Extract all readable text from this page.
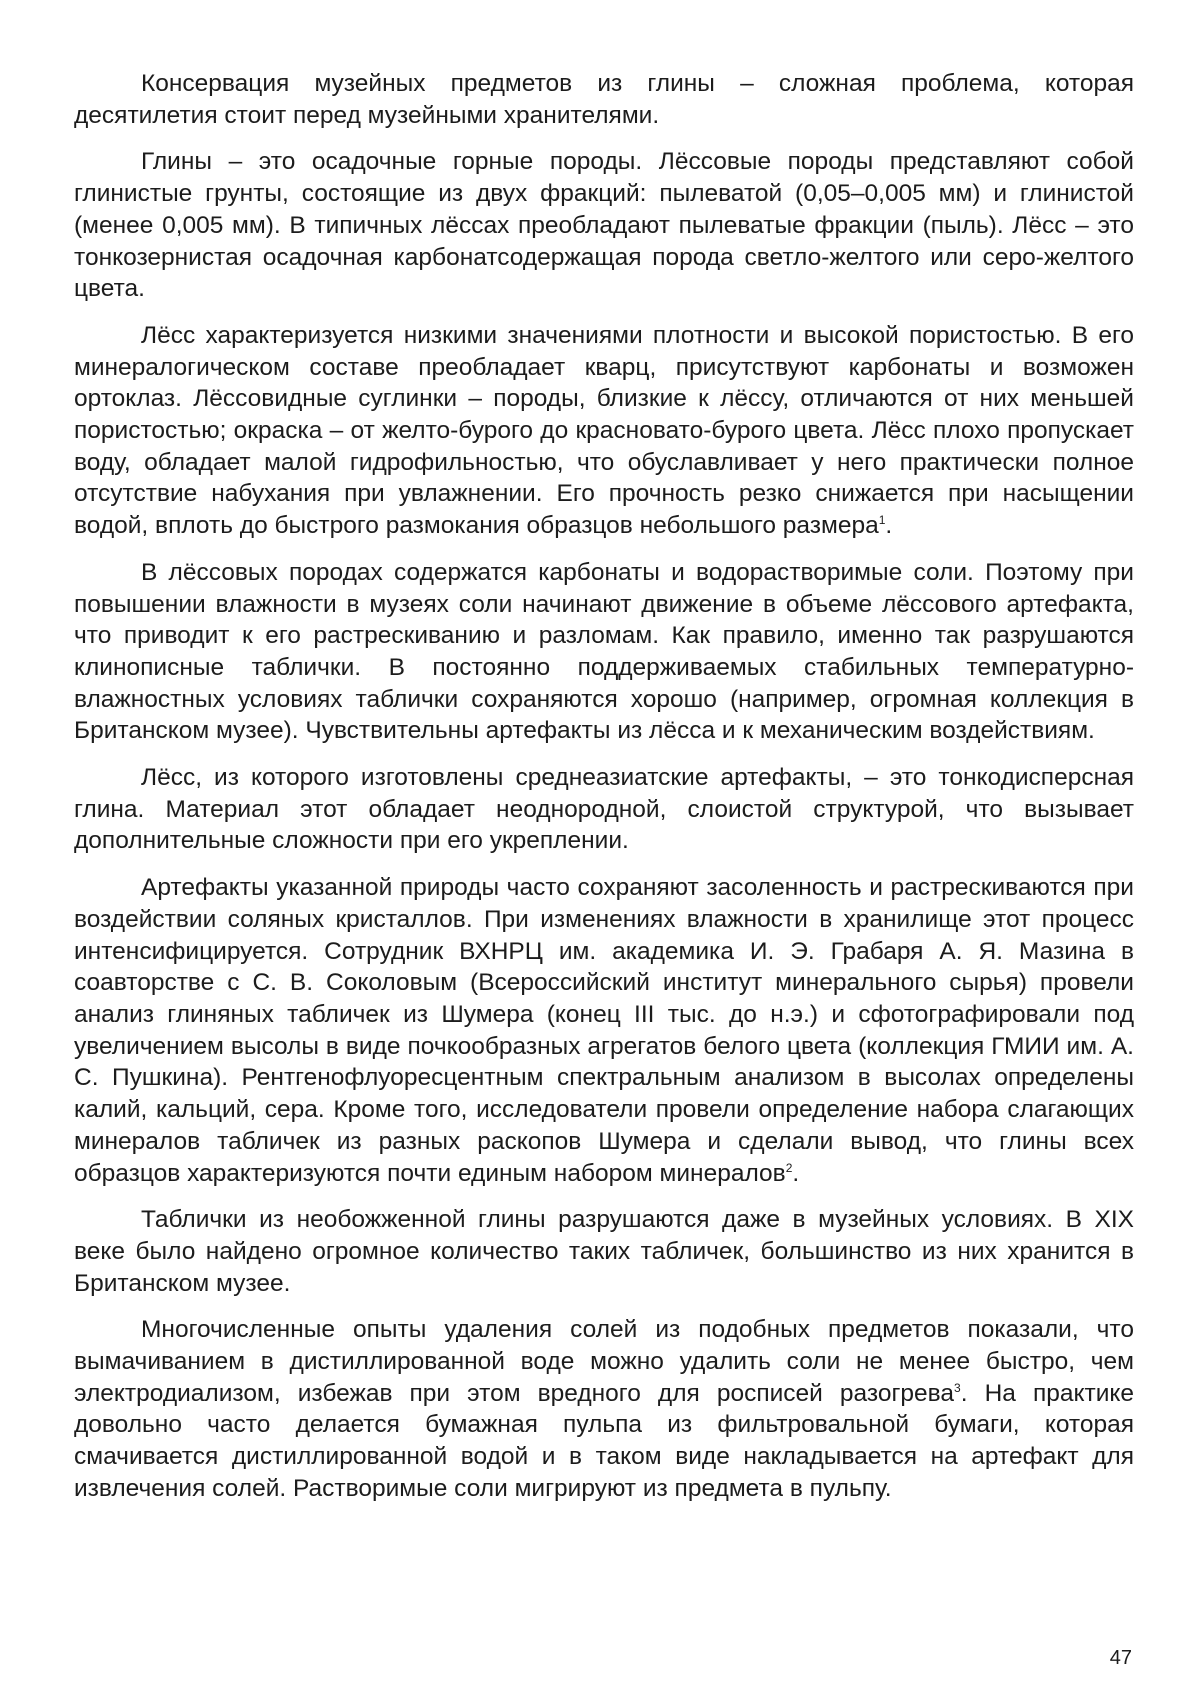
Консервация музейных предметов из глины – сложная проблема, которая десятилетия стоит перед музейными хранителями.

Глины – это осадочные горные породы. Лёссовые породы представляют собой глинистые грунты, состоящие из двух фракций: пылеватой (0,05–0,005 мм) и глинистой (менее 0,005 мм). В типичных лёссах преобладают пылеватые фракции (пыль). Лёсс – это тонкозернистая осадочная карбонатсодержащая порода светло-желтого или серо-желтого цвета.

Лёсс характеризуется низкими значениями плотности и высокой пористостью. В его минералогическом составе преобладает кварц, присутствуют карбонаты и возможен ортоклаз. Лёссовидные суглинки – породы, близкие к лёссу, отличаются от них меньшей пористостью; окраска – от желто-бурого до красновато-бурого цвета. Лёсс плохо пропускает воду, обладает малой гидрофильностью, что обуславливает у него практически полное отсутствие набухания при увлажнении. Его прочность резко снижается при насыщении водой, вплоть до быстрого размокания образцов небольшого размера$^1$.

В лёссовых породах содержатся карбонаты и водорастворимые соли. Поэтому при повышении влажности в музеях соли начинают движение в объеме лёссового артефакта, что приводит к его растрескиванию и разломам. Как правило, именно так разрушаются клинописные таблички. В постоянно поддерживаемых стабильных температурно-влажностных условиях таблички сохраняются хорошо (например, огромная коллекция в Британском музее). Чувствительны артефакты из лёсса и к механическим воздействиям.

Лёсс, из которого изготовлены среднеазиатские артефакты, – это тонкодисперсная глина. Материал этот обладает неоднородной, слоистой структурой, что вызывает дополнительные сложности при его укреплении.

Артефакты указанной природы часто сохраняют засоленность и растрескиваются при воздействии соляных кристаллов. При изменениях влажности в хранилище этот процесс интенсифицируется. Сотрудник ВХНРЦ им. академика И. Э. Грабаря А. Я. Мазина в соавторстве с С. В. Соколовым (Всероссийский институт минерального сырья) провели анализ глиняных табличек из Шумера (конец III тыс. до н.э.) и сфотографировали под увеличением высолы в виде почкообразных агрегатов белого цвета (коллекция ГМИИ им. А. С. Пушкина). Рентгенофлуоресцентным спектральным анализом в высолах определены калий, кальций, сера. Кроме того, исследователи провели определение набора слагающих минералов табличек из разных раскопов Шумера и сделали вывод, что глины всех образцов характеризуются почти единым набором минералов$^2$.

Таблички из необожженной глины разрушаются даже в музейных условиях. В XIX веке было найдено огромное количество таких табличек, большинство из них хранится в Британском музее.

Многочисленные опыты удаления солей из подобных предметов показали, что вымачиванием в дистиллированной воде можно удалить соли не менее быстро, чем электродиализом, избежав при этом вредного для росписей разогрева$^3$. На практике довольно часто делается бумажная пульпа из фильтровальной бумаги, которая смачивается дистиллированной водой и в таком виде накладывается на артефакт для извлечения солей. Растворимые соли мигрируют из предмета в пульпу.

47
